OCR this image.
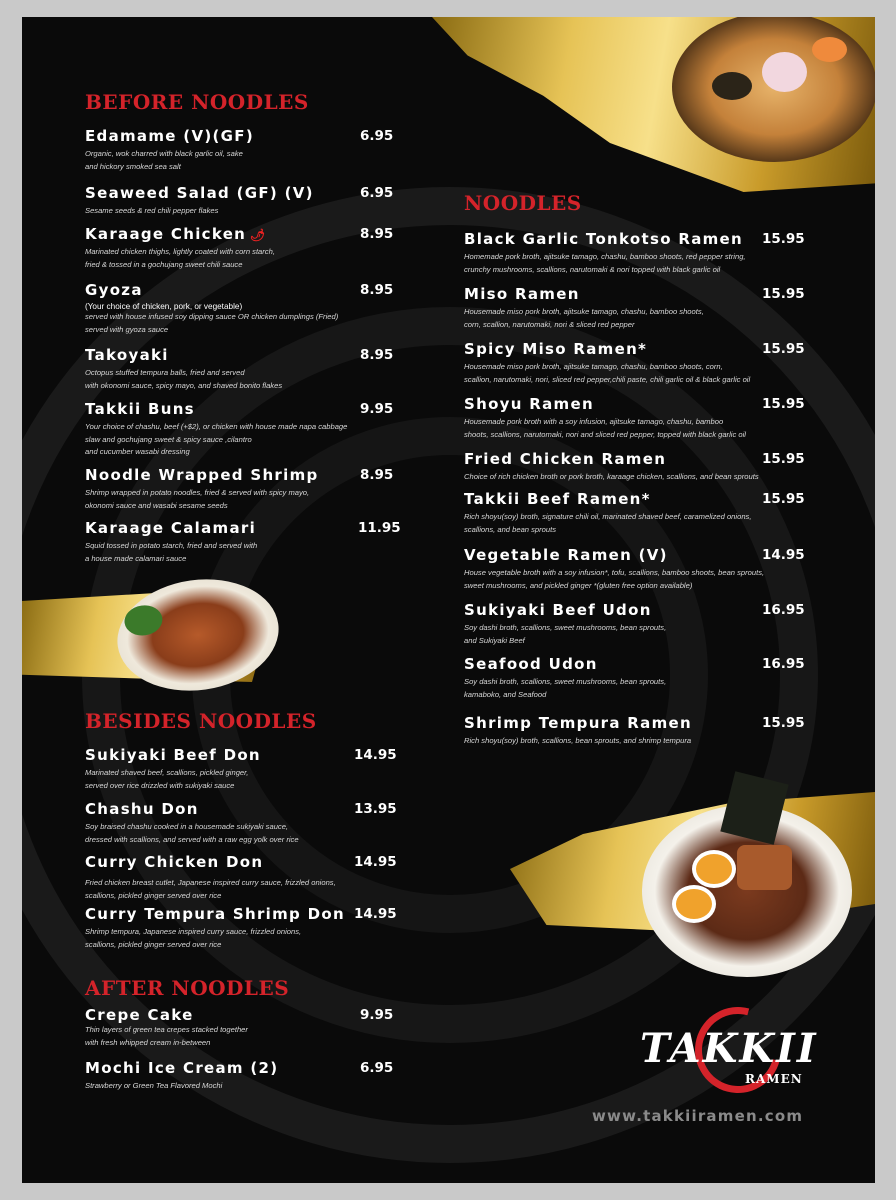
BEFORE NOODLES
BESIDES NOODLES
AFTER NOODLES
NOODLES
Edamame (V)(GF)	6.95
Organic, wok charred with black garlic oil, sake
and hickory smoked sea salt
Seaweed Salad (GF) (V)	6.95
Sesame seeds & red chili pepper flakes
Karaage Chicken 🌶︎	8.95
Marinated chicken thighs, lightly coated with corn starch,
fried & tossed in a gochujang sweet chili sauce
Gyoza	8.95
(Your choice of chicken, pork, or vegetable)
served with house infused soy dipping sauce OR chicken dumplings (Fried)
served with gyoza sauce
Takoyaki	8.95
Octopus stuffed tempura balls, fried and served
with okonomi sauce, spicy mayo, and shaved bonito flakes
Takkii Buns	9.95
Your choice of chashu, beef (+$2), or chicken with house made napa cabbage
slaw and gochujang sweet & spicy sauce ,cilantro
and cucumber wasabi dressing
Noodle Wrapped Shrimp	8.95
Shrimp wrapped in potato noodles, fried & served with spicy mayo,
okonomi sauce and wasabi sesame seeds
Karaage Calamari	11.95
Squid tossed in potato starch, fried and served with
a house made calamari sauce
Sukiyaki Beef Don	14.95
Marinated shaved beef, scallions, pickled ginger,
served over rice drizzled with sukiyaki sauce
Chashu Don	13.95
Soy braised chashu cooked in a housemade sukiyaki sauce,
dressed with scallions, and served with a raw egg yolk over rice
Curry Chicken Don	14.95
Fried chicken breast cutlet, Japanese inspired curry sauce, frizzled onions,
scallions, pickled ginger served over rice
Curry Tempura Shrimp Don 14.95
Shrimp tempura, Japanese inspired curry sauce, frizzled onions,
scallions, pickled ginger served over rice
Crepe Cake	9.95
Thin layers of green tea crepes stacked together
with fresh whipped cream in-between
Mochi Ice Cream (2)	6.95
Strawberry or Green Tea Flavored Mochi
Black Garlic Tonkotso Ramen	15.95
Homemade pork broth, ajitsuke tamago, chashu, bamboo shoots, red pepper string,
crunchy mushrooms, scallions, narutomaki & nori topped with black garlic oil
Miso Ramen	15.95
Housemade miso pork broth, ajitsuke tamago, chashu, bamboo shoots,
corn, scallion, narutomaki, nori & sliced red pepper
Spicy Miso Ramen*	15.95
Housemade miso pork broth, ajitsuke tamago, chashu, bamboo shoots, corn,
scallion, narutomaki, nori, sliced red pepper,chili paste, chili garlic oil & black garlic oil
Shoyu Ramen	15.95
Housemade pork broth with a soy infusion, ajitsuke tamago, chashu, bamboo
shoots, scallions, narutomaki, nori and sliced red pepper, topped with black garlic oil
Fried Chicken Ramen	15.95
Choice of rich chicken broth or pork broth, karaage chicken, scallions, and bean sprouts
Takkii Beef Ramen*	15.95
Rich shoyu(soy) broth, signature chili oil, marinated shaved beef, caramelized onions,
scallions, and bean sprouts
Vegetable Ramen (V)	14.95
House vegetable broth with a soy infusion*, tofu, scallions, bamboo shoots, bean sprouts,
sweet mushrooms, and pickled ginger *(gluten free option available)
Sukiyaki Beef Udon	16.95
Soy dashi broth, scallions, sweet mushrooms, bean sprouts,
and Sukiyaki Beef
Seafood Udon	16.95
Soy dashi broth, scallions, sweet mushrooms, bean sprouts,
kamaboko, and Seafood
Shrimp Tempura Ramen	15.95
Rich shoyu(soy) broth, scallions, bean sprouts, and shrimp tempura
TAKKII
RAMEN
www.takkiiramen.com
